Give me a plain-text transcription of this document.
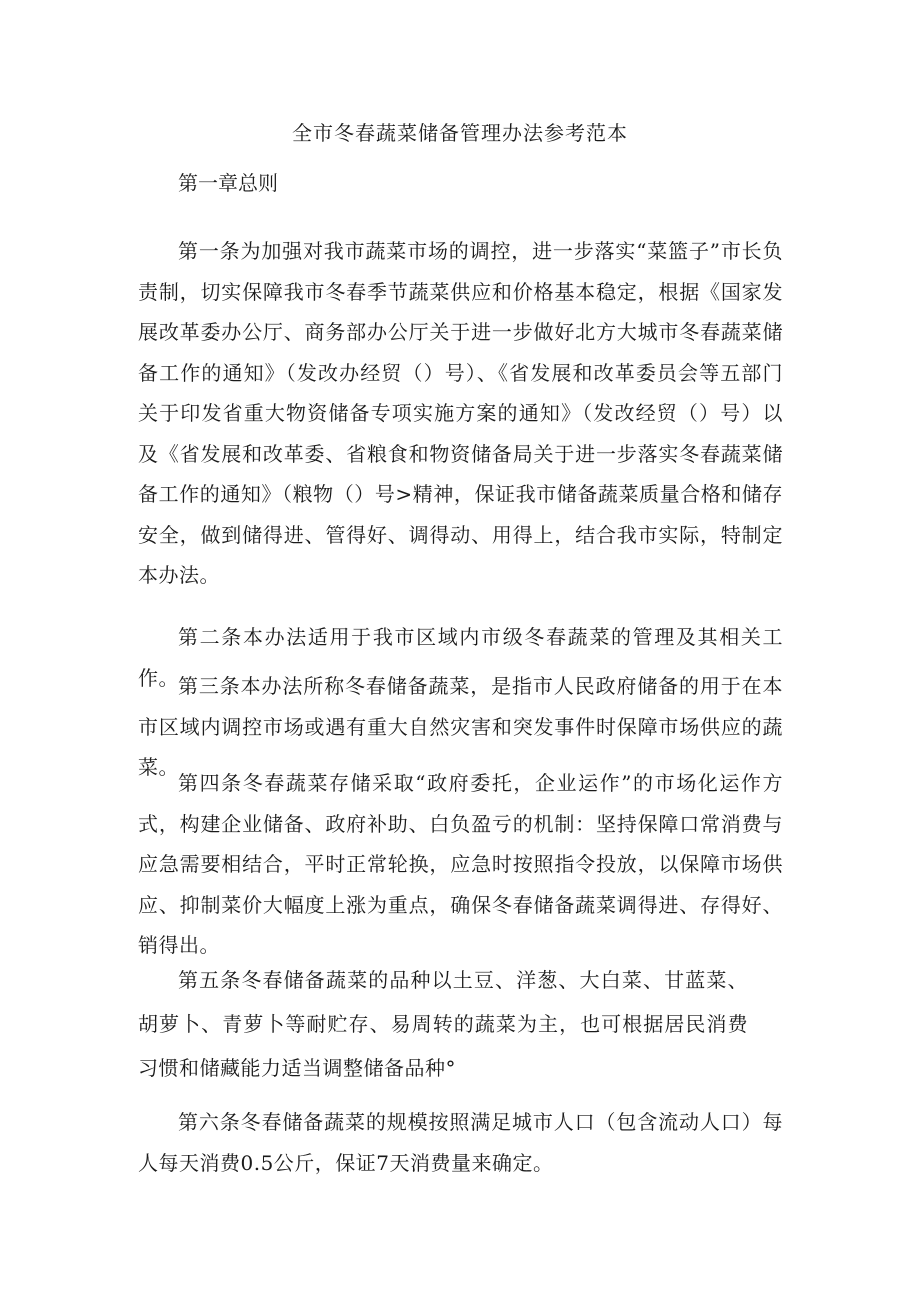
全市冬春蔬菜储备管理办法参考范本
第一章总则

第一条为加强对我市蔬菜市场的调控，进一步落实“菜篮子”市长负责制，切实保障我市冬春季节蔬菜供应和价格基本稳定，根据《国家发展改革委办公厅、商务部办公厅关于进一步做好北方大城市冬春蔬菜储备工作的通知》（发改办经贸（）号）、《省发展和改革委员会等五部门关于印发省重大物资储备专项实施方案的通知》（发改经贸（）号）以及《省发展和改革委、省粮食和物资储备局关于进一步落实冬春蔬菜储备工作的通知》（粮物（）号>精神，保证我市储备蔬菜质量合格和储存安全，做到储得进、管得好、调得动、用得上，结合我市实际，特制定本办法。

第二条本办法适用于我市区域内市级冬春蔬菜的管理及其相关工作。 第三条本办法所称冬春储备蔬菜，是指市人民政府储备的用于在本市区域内调控市场或遇有重大自然灾害和突发事件时保障市场供应的蔬菜。

第四条冬春蔬菜存储采取“政府委托，企业运作”的市场化运作方式，构建企业储备、政府补助、白负盈亏的机制：坚持保障口常消费与应急需要相结合，平时正常轮换，应急时按照指令投放，以保障市场供应、抑制菜价大幅度上涨为重点，确保冬春储备蔬菜调得进、存得好、销得出。

第五条冬春储备蔬菜的品种以土豆、洋葱、大白菜、甘蓝菜、胡萝卜、青萝卜等耐贮存、易周转的蔬菜为主，也可根据居民消费习惯和储藏能力适当调整储备品种°

第六条冬春储备蔬菜的规模按照满足城市人口（包含流动人口）每人每天消费0.5公斤，保证7天消费量来确定。
